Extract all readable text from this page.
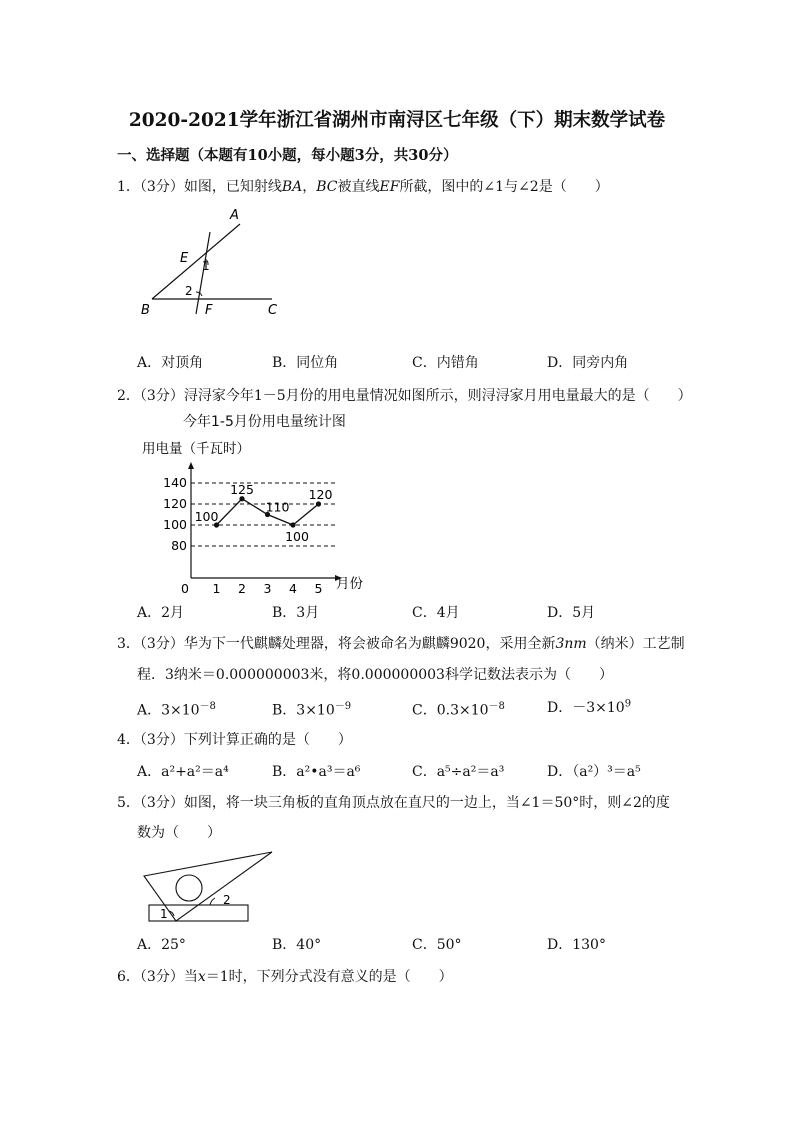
2020-2021学年浙江省湖州市南浔区七年级（下）期末数学试卷
一、选择题（本题有10小题，每小题3分，共30分）
1．（3分）如图，已知射线BA，BC被直线EF所截，图中的∠1与∠2是（　　）
A
E 1
2
B	F	C
A．对顶角	B．同位角	C．内错角	D．同旁内角
2．（3分）浔浔家今年1－5月份的用电量情况如图所示，则浔浔家月用电量最大的是（　　）
今年1-5月份用电量统计图
用电量（千瓦时）
月份
80
100
120
140
0 1 2 3 4 5
100
125
110
100
120
A．2月	B．3月	C．4月	D．5月
3．（3分）华为下一代麒麟处理器，将会被命名为麒麟9020，采用全新3nm（纳米）工艺制
程．3纳米＝0.000000003米，将0.000000003科学记数法表示为（　　）
A．$3\times 10^{-8}$	B．$3\times 10^{-9}$	C．$0.3\times 10^{-8}$	D．$-3\times 10^9$
4．（3分）下列计算正确的是（　　）
A．a²+a²＝a⁴	B．a²•a³＝a⁶	C．a⁵÷a²＝a³	D．（a²）³＝a⁵
5．（3分）如图，将一块三角板的直角顶点放在直尺的一边上，当∠1＝50°时，则∠2的度
数为（　　）
1
2
A．25°	B．40°	C．50°	D．130°
6．（3分）当x＝1时，下列分式没有意义的是（　　）
